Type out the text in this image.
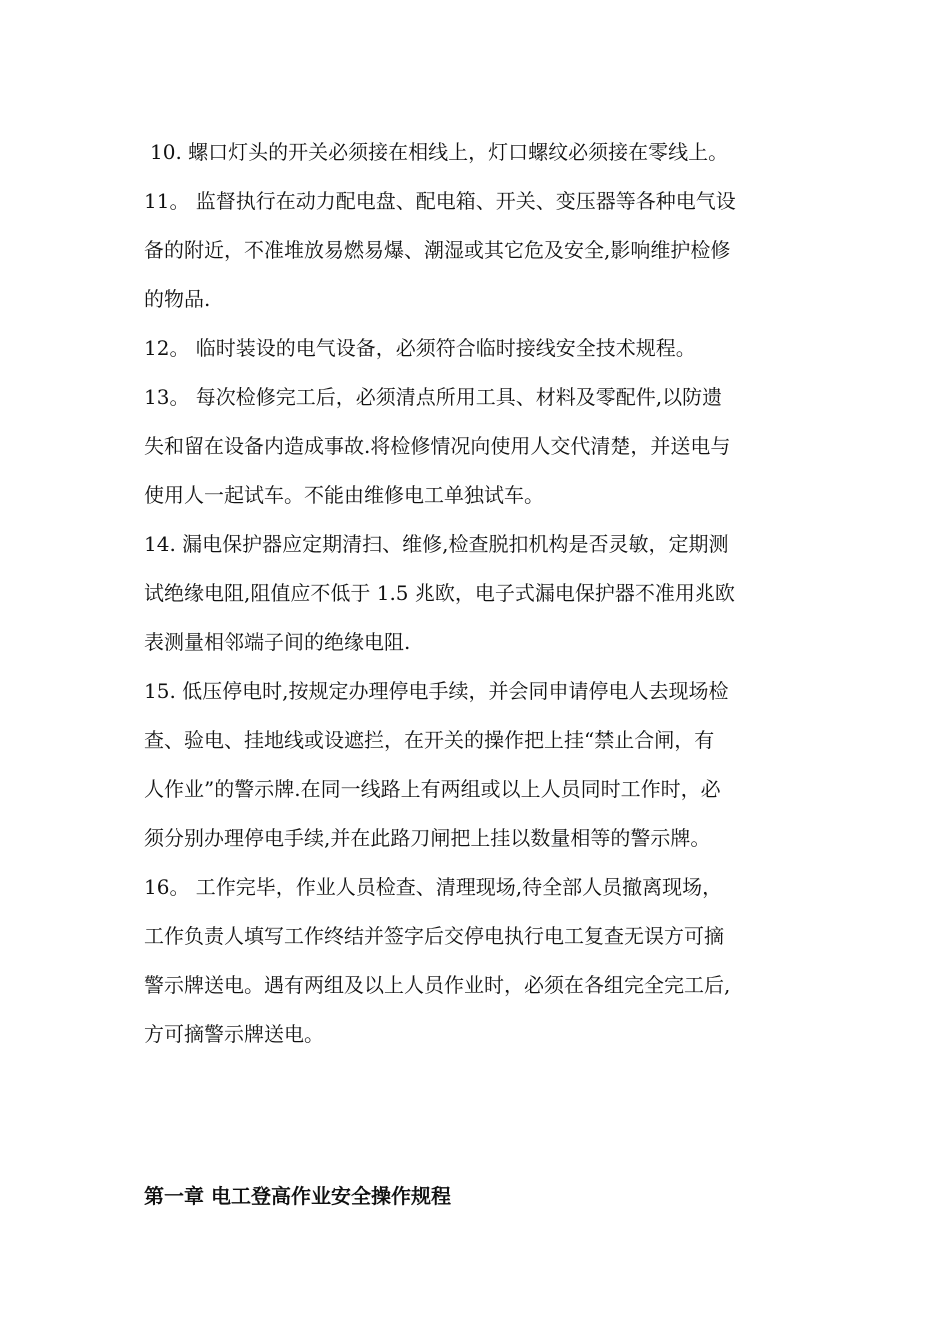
10. 螺口灯头的开关必须接在相线上，灯口螺纹必须接在零线上。
11。 监督执行在动力配电盘、配电箱、开关、变压器等各种电气设
备的附近，不准堆放易燃易爆、潮湿或其它危及安全,影响维护检修
的物品.
12。 临时装设的电气设备，必须符合临时接线安全技术规程。
13。 每次检修完工后，必须清点所用工具、材料及零配件,以防遗
失和留在设备内造成事故.将检修情况向使用人交代清楚，并送电与
使用人一起试车。不能由维修电工单独试车。
14. 漏电保护器应定期清扫、维修,检查脱扣机构是否灵敏，定期测
试绝缘电阻,阻值应不低于 1.5 兆欧，电子式漏电保护器不准用兆欧
表测量相邻端子间的绝缘电阻.
15. 低压停电时,按规定办理停电手续，并会同申请停电人去现场检
查、验电、挂地线或设遮拦，在开关的操作把上挂“禁止合闸，有
人作业”的警示牌.在同一线路上有两组或以上人员同时工作时，必
须分别办理停电手续,并在此路刀闸把上挂以数量相等的警示牌。
16。 工作完毕，作业人员检查、清理现场,待全部人员撤离现场，
工作负责人填写工作终结并签字后交停电执行电工复查无误方可摘
警示牌送电。遇有两组及以上人员作业时，必须在各组完全完工后,
方可摘警示牌送电。
第一章 电工登高作业安全操作规程
